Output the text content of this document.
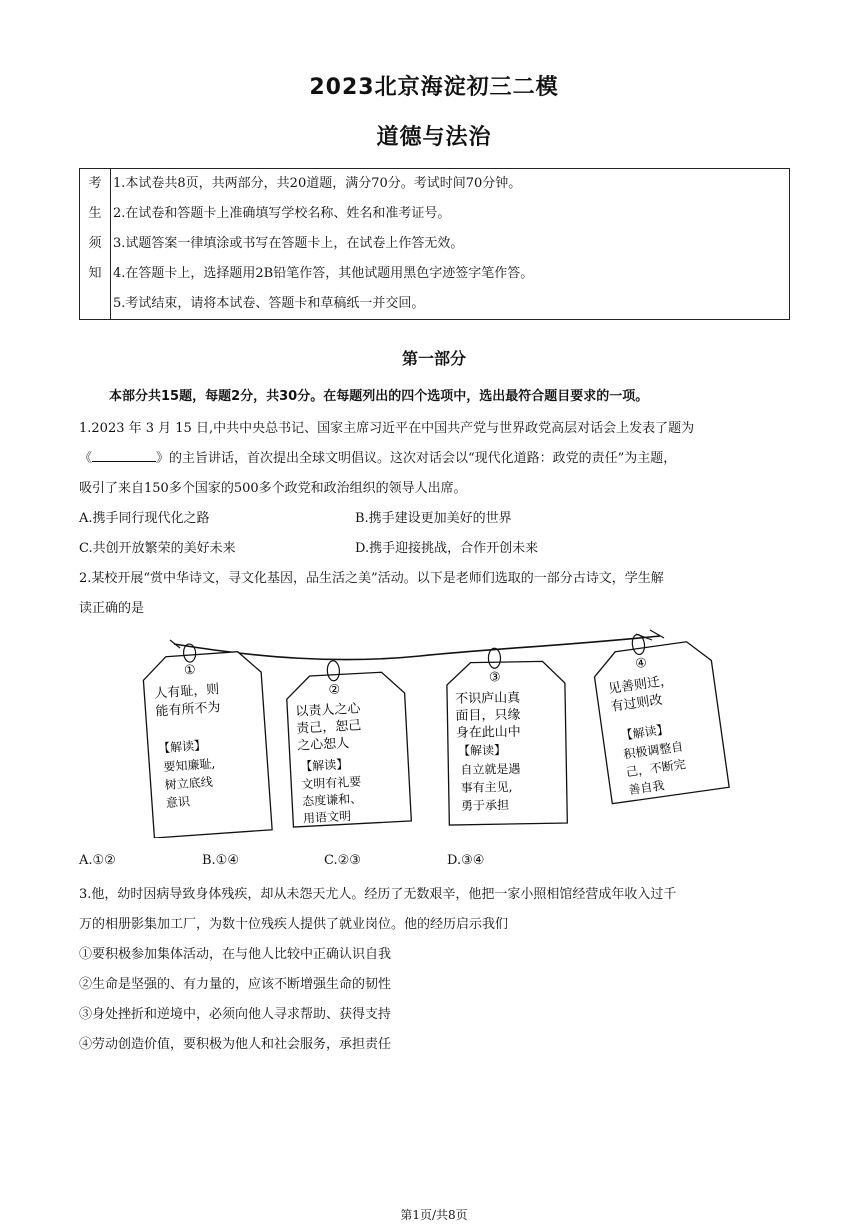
2023北京海淀初三二模
道德与法治
考
生
须
知

1.本试卷共8页，共两部分，共20道题，满分70分。考试时间70分钟。
2.在试卷和答题卡上准确填写学校名称、姓名和准考证号。
3.试题答案一律填涂或书写在答题卡上，在试卷上作答无效。
4.在答题卡上，选择题用2B铅笔作答，其他试题用黑色字迹签字笔作答。
5.考试结束，请将本试卷、答题卡和草稿纸一并交回。
第一部分
本部分共15题，每题2分，共30分。在每题列出的四个选项中，选出最符合题目要求的一项。
1.2023 年 3 月 15 日,中共中央总书记、国家主席习近平在中国共产党与世界政党高层对话会上发表了题为
《	》的主旨讲话，首次提出全球文明倡议。这次对话会以“现代化道路：政党的责任”为主题，
吸引了来自150多个国家的500多个政党和政治组织的领导人出席。
A.携手同行现代化之路	B.携手建设更加美好的世界
C.共创开放繁荣的美好未来	D.携手迎接挑战，合作开创未来
2.某校开展“赏中华诗文，寻文化基因，品生活之美”活动。以下是老师们选取的一部分古诗文，学生解
读正确的是
①
人有耻，则
能有所不为
【解读】
要知廉耻,
树立底线
意识
②
以责人之心
责己，恕己
之心恕人
【解读】
文明有礼要
态度谦和、
用语文明
③
不识庐山真
面目，只缘
身在此山中
【解读】
自立就是遇
事有主见,
勇于承担
④
见善则迁，
有过则改
【解读】
积极调整自
己，不断完
善自我
A.①②	B.①④	C.②③	D.③④
3.他，幼时因病导致身体残疾，却从未怨天尤人。经历了无数艰辛，他把一家小照相馆经营成年收入过千
万的相册影集加工厂，为数十位残疾人提供了就业岗位。他的经历启示我们
①要积极参加集体活动，在与他人比较中正确认识自我
②生命是坚强的、有力量的，应该不断增强生命的韧性
③身处挫折和逆境中，必须向他人寻求帮助、获得支持
④劳动创造价值，要积极为他人和社会服务，承担责任
第1页/共8页
